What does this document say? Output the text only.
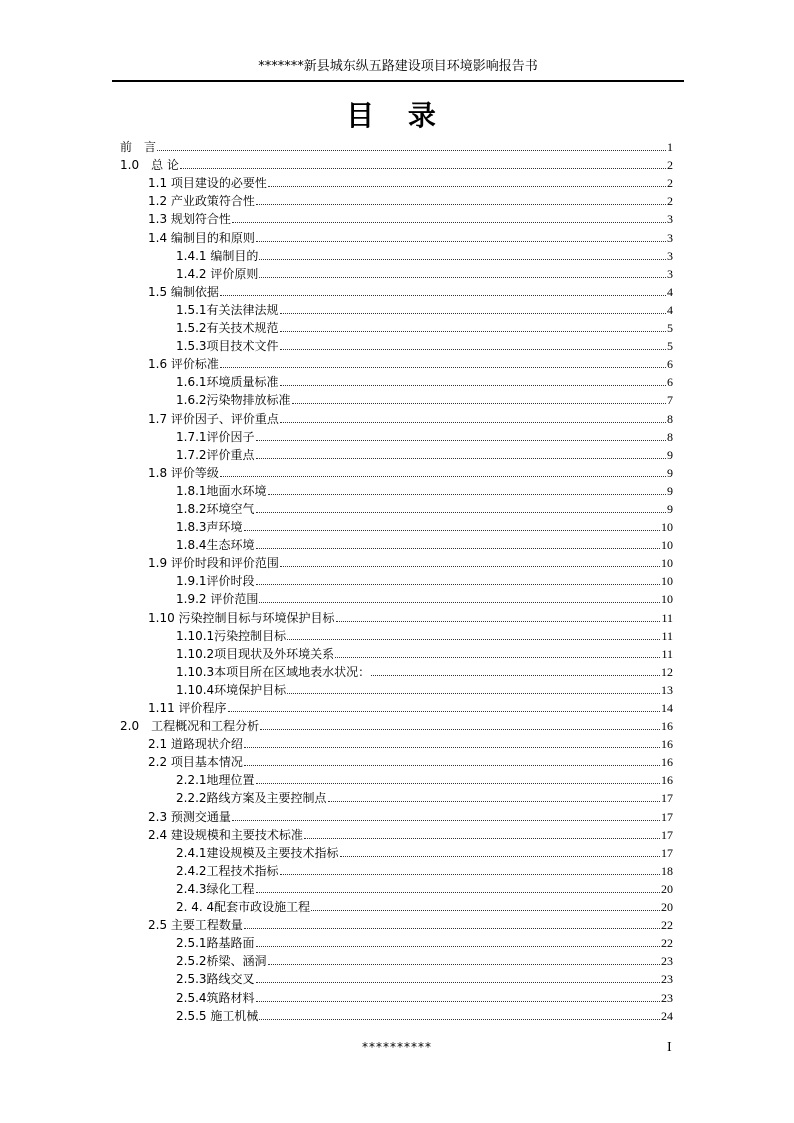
*******新县城东纵五路建设项目环境影响报告书
目 录
前　言	1
1.0　总 论	2
1.1 项目建设的必要性	2
1.2 产业政策符合性	2
1.3 规划符合性	3
1.4 编制目的和原则	3
1.4.1 编制目的	3
1.4.2 评价原则	3
1.5 编制依据	4
1.5.1有关法律法规	4
1.5.2有关技术规范	5
1.5.3项目技术文件	5
1.6 评价标准	6
1.6.1环境质量标准	6
1.6.2污染物排放标准	7
1.7 评价因子、评价重点	8
1.7.1评价因子	8
1.7.2评价重点	9
1.8 评价等级	9
1.8.1地面水环境	9
1.8.2环境空气	9
1.8.3声环境	10
1.8.4生态环境	10
1.9 评价时段和评价范围	10
1.9.1评价时段	10
1.9.2 评价范围	10
1.10 污染控制目标与环境保护目标	11
1.10.1污染控制目标	11
1.10.2项目现状及外环境关系	11
1.10.3本项目所在区域地表水状况：	12
1.10.4环境保护目标	13
1.11 评价程序	14
2.0　工程概况和工程分析	16
2.1 道路现状介绍	16
2.2 项目基本情况	16
2.2.1地理位置	16
2.2.2路线方案及主要控制点	17
2.3 预测交通量	17
2.4 建设规模和主要技术标准	17
2.4.1建设规模及主要技术指标	17
2.4.2工程技术指标	18
2.4.3绿化工程	20
2. 4. 4配套市政设施工程	20
2.5 主要工程数量	22
2.5.1路基路面	22
2.5.2桥梁、涵洞	23
2.5.3路线交叉	23
2.5.4筑路材料	23
2.5.5 施工机械	24
**********	I
